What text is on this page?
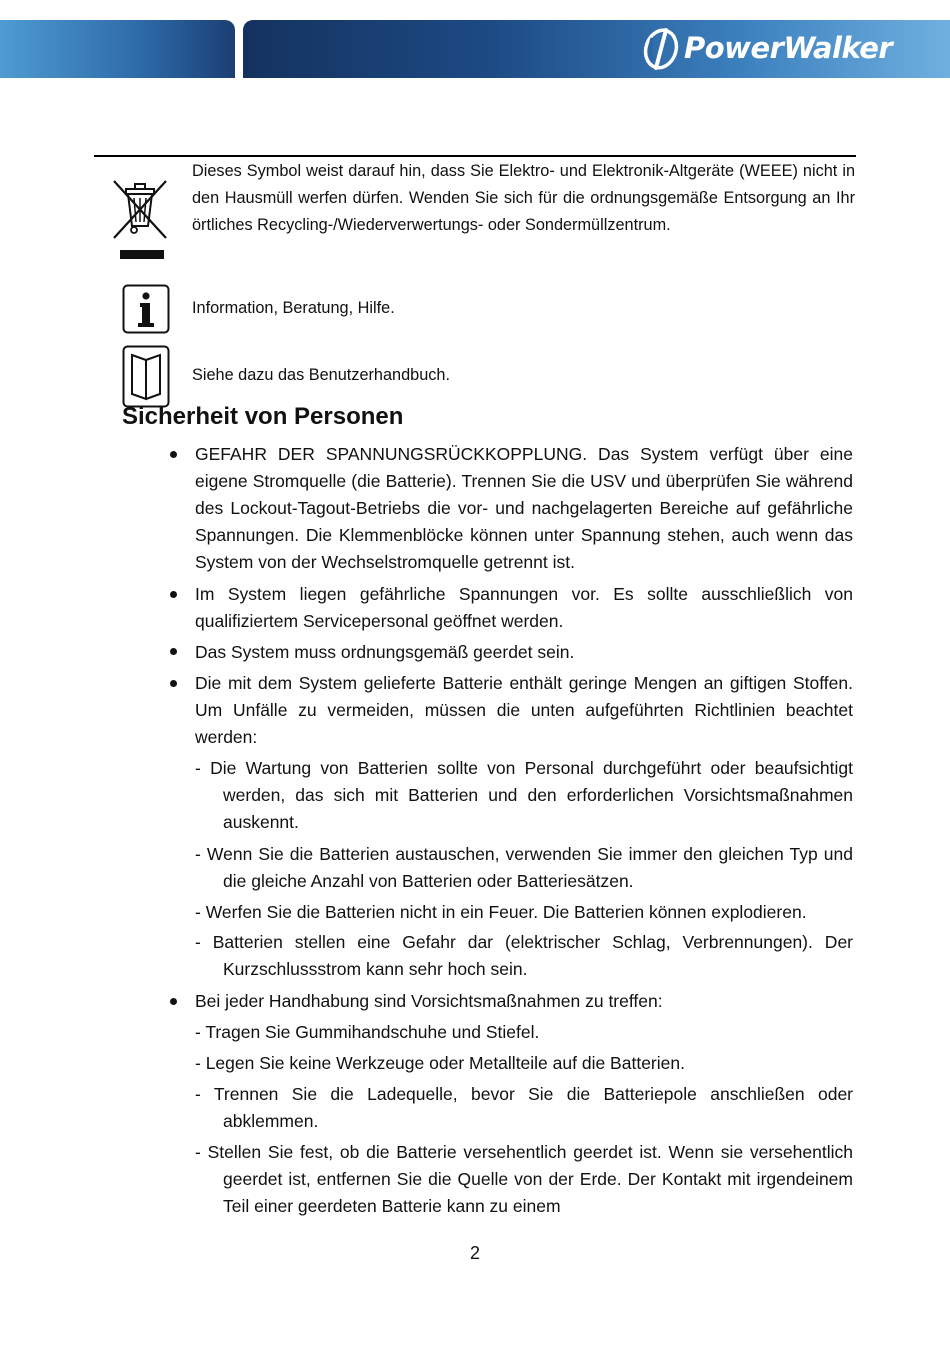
PowerWalker
Dieses Symbol weist darauf hin, dass Sie Elektro- und Elektronik-Altgeräte (WEEE) nicht in den Hausmüll werfen dürfen. Wenden Sie sich für die ordnungsgemäße Entsorgung an Ihr örtliches Recycling-/Wiederverwertungs- oder Sondermüllzentrum.
Information, Beratung, Hilfe.
Siehe dazu das Benutzerhandbuch.
Sicherheit von Personen
GEFAHR DER SPANNUNGSRÜCKKOPPLUNG. Das System verfügt über eine eigene Stromquelle (die Batterie). Trennen Sie die USV und überprüfen Sie während des Lockout-Tagout-Betriebs die vor- und nachgelagerten Bereiche auf gefährliche Spannungen. Die Klemmenblöcke können unter Spannung stehen, auch wenn das System von der Wechselstromquelle getrennt ist.
Im System liegen gefährliche Spannungen vor. Es sollte ausschließlich von qualifiziertem Servicepersonal geöffnet werden.
Das System muss ordnungsgemäß geerdet sein.
Die mit dem System gelieferte Batterie enthält geringe Mengen an giftigen Stoffen. Um Unfälle zu vermeiden, müssen die unten aufgeführten Richtlinien beachtet werden:
- Die Wartung von Batterien sollte von Personal durchgeführt oder beaufsichtigt werden, das sich mit Batterien und den erforderlichen Vorsichtsmaßnahmen auskennt.
- Wenn Sie die Batterien austauschen, verwenden Sie immer den gleichen Typ und die gleiche Anzahl von Batterien oder Batteriesätzen.
- Werfen Sie die Batterien nicht in ein Feuer. Die Batterien können explodieren.
- Batterien stellen eine Gefahr dar (elektrischer Schlag, Verbrennungen). Der Kurzschlussstrom kann sehr hoch sein.
Bei jeder Handhabung sind Vorsichtsmaßnahmen zu treffen:
- Tragen Sie Gummihandschuhe und Stiefel.
- Legen Sie keine Werkzeuge oder Metallteile auf die Batterien.
- Trennen Sie die Ladequelle, bevor Sie die Batteriepole anschließen oder abklemmen.
- Stellen Sie fest, ob die Batterie versehentlich geerdet ist. Wenn sie versehentlich geerdet ist, entfernen Sie die Quelle von der Erde. Der Kontakt mit irgendeinem Teil einer geerdeten Batterie kann zu einem
2
